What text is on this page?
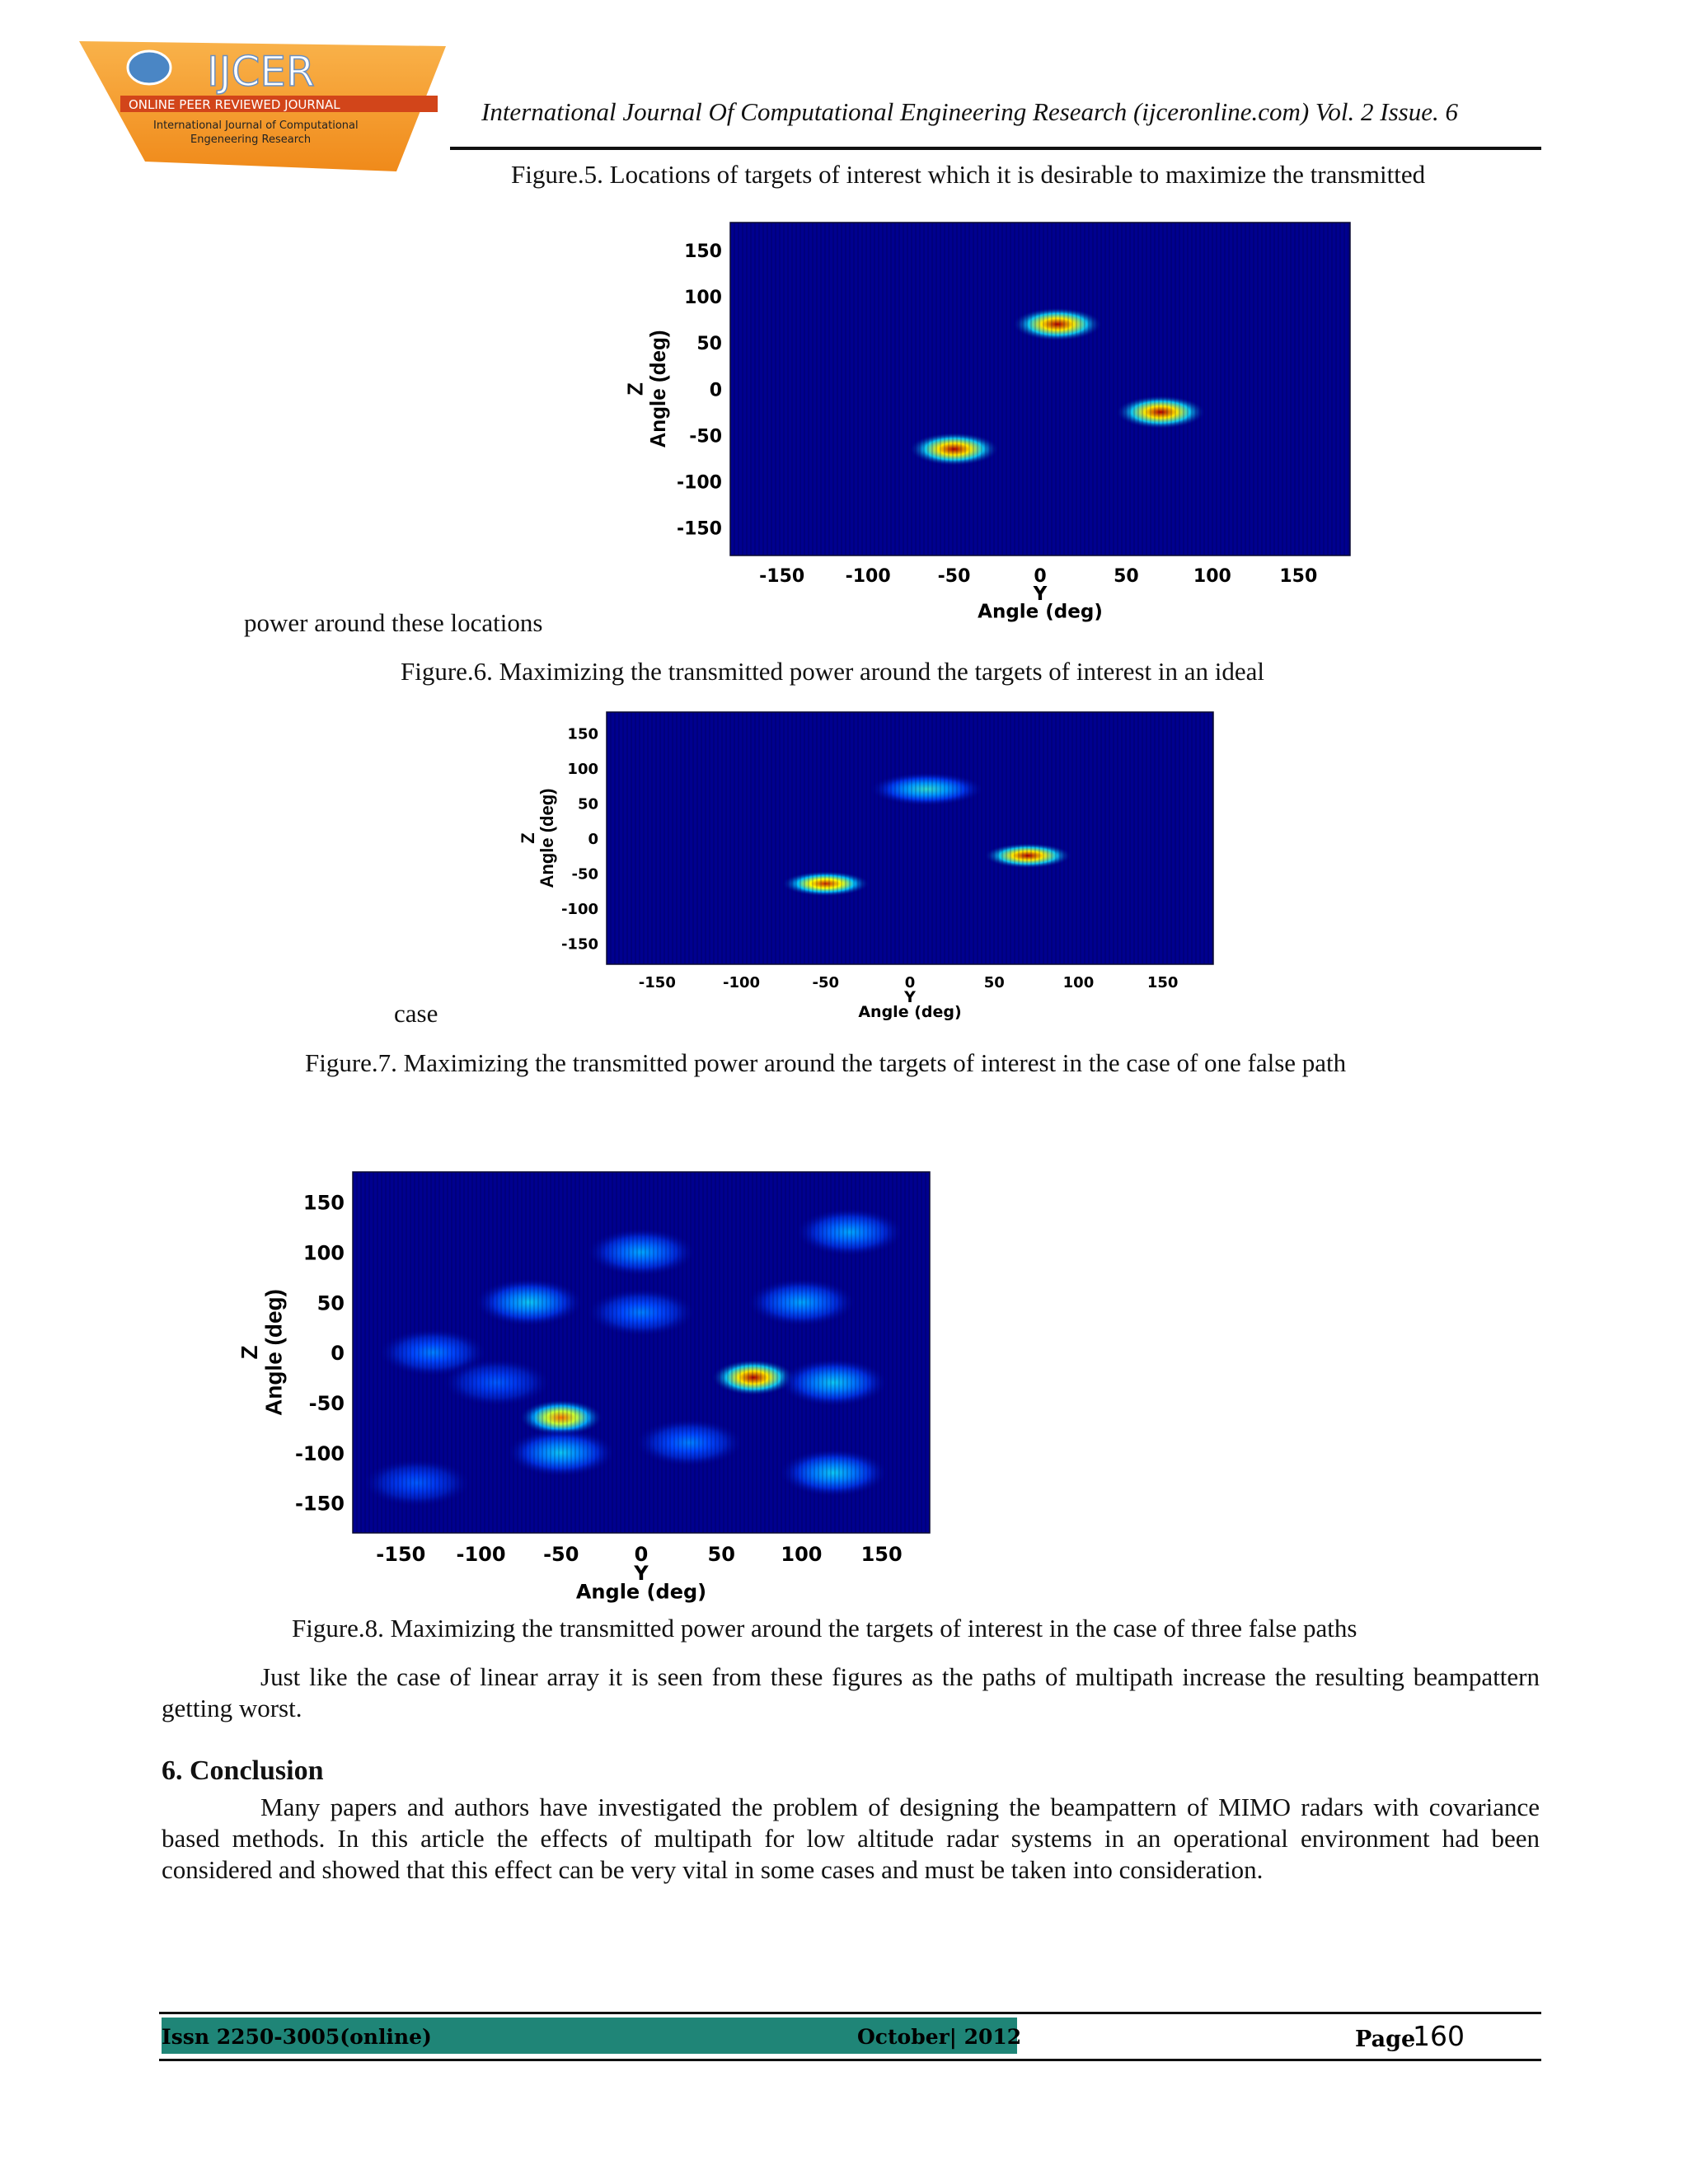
IJCER
ONLINE PEER REVIEWED JOURNAL
International Journal of Computational
Engeneering Research
International Journal Of Computational Engineering Research (ijceronline.com) Vol. 2 Issue. 6
Figure.5. Locations of targets of interest which it is desirable to maximize the transmitted
-150 -100	-50	0	50	100	150
150
100
50
0
-50
-100
-150
Y
Angle (deg)
Z
Angle (deg)
power around these locations
Figure.6. Maximizing the transmitted power around the targets of interest in an ideal
-150	-100	-50	0	50	100	150
150
100
50
0
-50
-100
-150
Y
Angle (deg)
Z
Angle (deg)
case
Figure.7. Maximizing the transmitted power around the targets of interest in the case of one false path
-150 -100 -50	0	50 100 150
150
100
50
0
-50
-100
-150
Y
Angle (deg)
Z
Angle (deg)
Figure.8. Maximizing the transmitted power around the targets of interest in the case of three false paths
Just like the case of linear array it is seen from these figures as the paths of multipath increase the resulting beampattern getting worst.
6. Conclusion
Many papers and authors have investigated the problem of designing the beampattern of MIMO radars with covariance based methods. In this article the effects of multipath for low altitude radar systems in an operational environment had been considered and showed that this effect can be very vital in some cases and must be taken into consideration.
Issn 2250-3005(online)	October| 2012	Page
160
